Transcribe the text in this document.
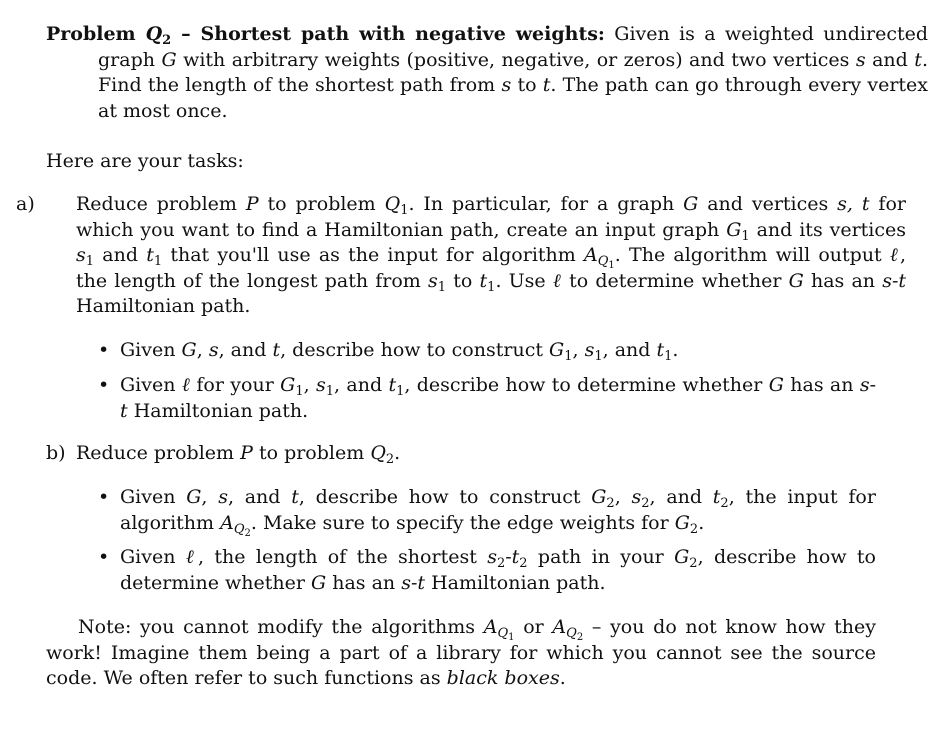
Problem $Q_2$ – Shortest path with negative weights: Given is a weighted undirected graph G with arbitrary weights (positive, negative, or zeros) and two vertices s and t. Find the length of the shortest path from s to t. The path can go through every vertex at most once.

Here are your tasks:

a) Reduce problem P to problem $Q_1$. In particular, for a graph G and vertices s, t for which you want to find a Hamiltonian path, create an input graph $G_1$ and its vertices $s_1$ and $t_1$ that you'll use as the input for algorithm $A_{Q_1}$. The algorithm will output ℓ, the length of the longest path from $s_1$ to $t_1$. Use ℓ to determine whether G has an s-t Hamiltonian path.

• Given G, s, and t, describe how to construct $G_1$, $s_1$, and $t_1$.
• Given ℓ for your $G_1$, $s_1$, and $t_1$, describe how to determine whether G has an s-t Hamiltonian path.

b) Reduce problem P to problem $Q_2$.

• Given G, s, and t, describe how to construct $G_2$, $s_2$, and $t_2$, the input for algorithm $A_{Q_2}$. Make sure to specify the edge weights for $G_2$.
• Given ℓ, the length of the shortest $s_2-t_2$ path in your $G_2$, describe how to determine whether G has an s-t Hamiltonian path.

Note: you cannot modify the algorithms $A_{Q_1}$ or $A_{Q_2}$ – you do not know how they work! Imagine them being a part of a library for which you cannot see the source code. We often refer to such functions as black boxes.
